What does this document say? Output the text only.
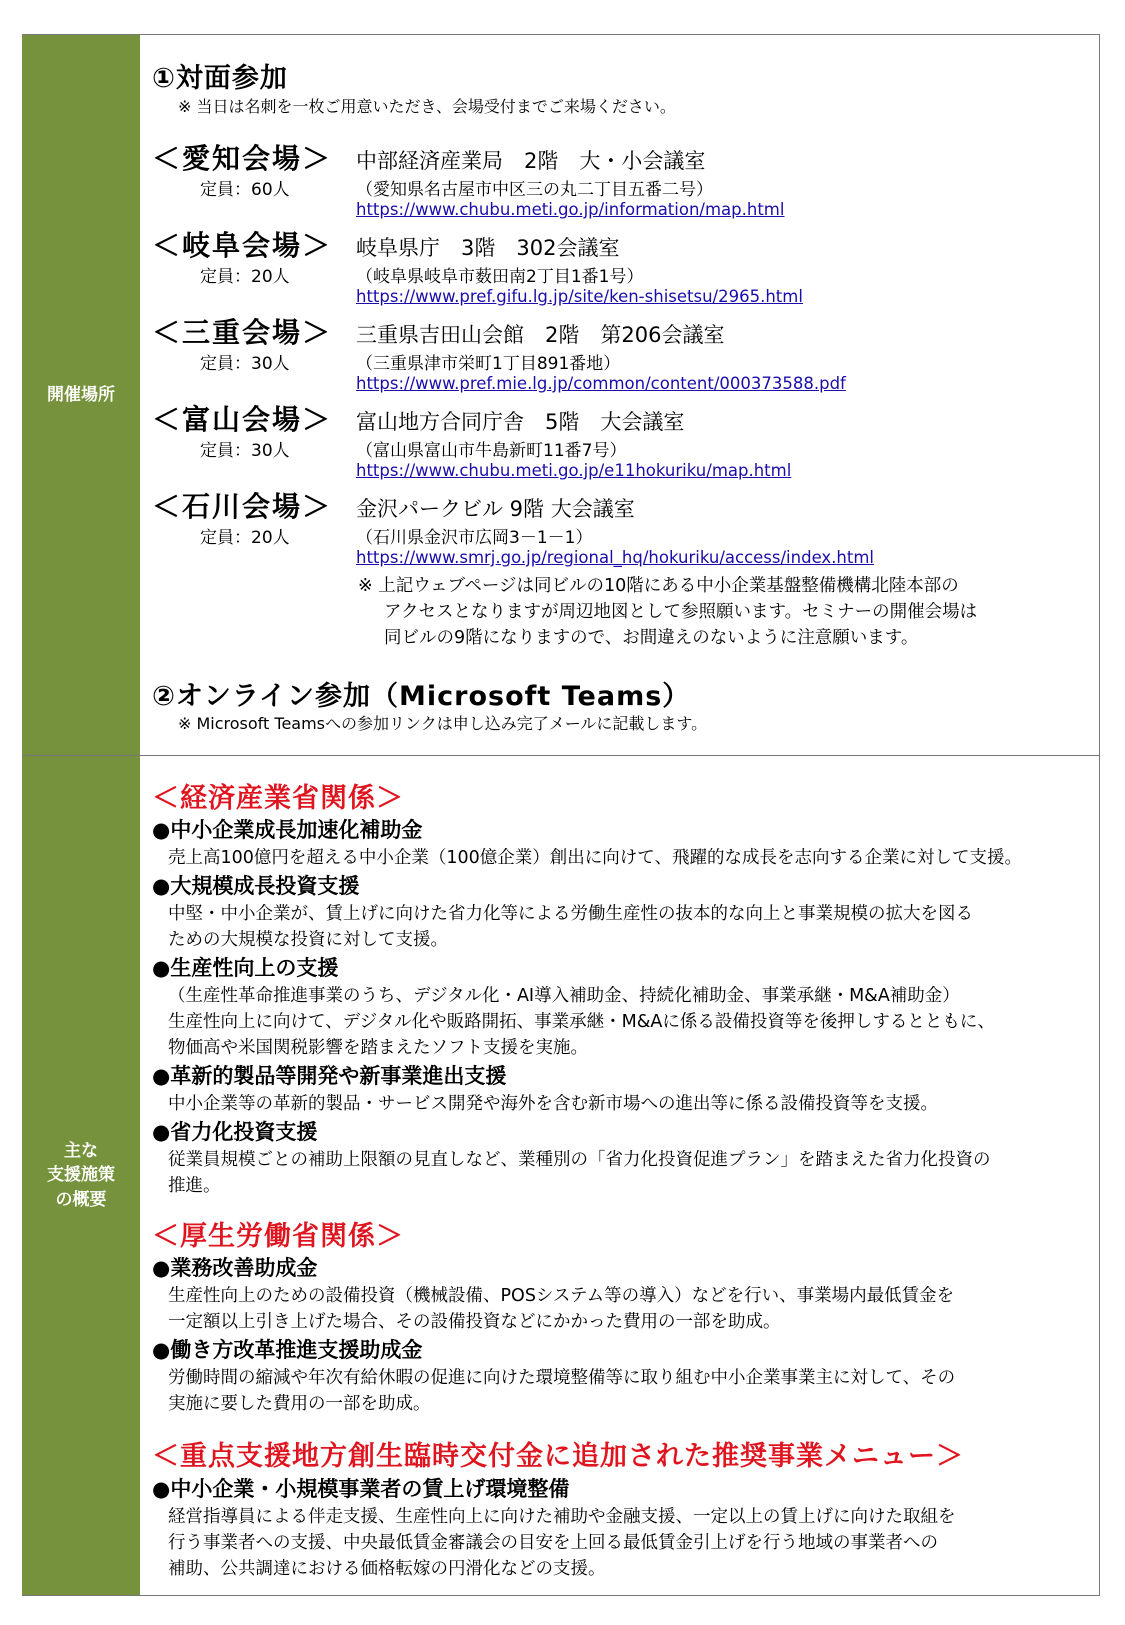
開催場所
主な
支援施策
の概要
①対面参加
※ 当日は名刺を一枚ご用意いただき、会場受付までご来場ください。
＜愛知会場＞
定員：60人
中部経済産業局　2階　大・小会議室
（愛知県名古屋市中区三の丸二丁目五番二号）
https://www.chubu.meti.go.jp/information/map.html
＜岐阜会場＞
定員：20人
岐阜県庁　3階　302会議室
（岐阜県岐阜市薮田南2丁目1番1号）
https://www.pref.gifu.lg.jp/site/ken-shisetsu/2965.html
＜三重会場＞
定員：30人
三重県吉田山会館　2階　第206会議室
（三重県津市栄町1丁目891番地）
https://www.pref.mie.lg.jp/common/content/000373588.pdf
＜富山会場＞
定員：30人
富山地方合同庁舎　5階　大会議室
（富山県富山市牛島新町11番7号）
https://www.chubu.meti.go.jp/e11hokuriku/map.html
＜石川会場＞
定員：20人
金沢パークビル 9階 大会議室
（石川県金沢市広岡3－1－1）
https://www.smrj.go.jp/regional_hq/hokuriku/access/index.html
※ 上記ウェブページは同ビルの10階にある中小企業基盤整備機構北陸本部の
アクセスとなりますが周辺地図として参照願います。セミナーの開催会場は
同ビルの9階になりますので、お間違えのないように注意願います。
②オンライン参加（Microsoft Teams）
※ Microsoft Teamsへの参加リンクは申し込み完了メールに記載します。
＜経済産業省関係＞
●中小企業成長加速化補助金
売上高100億円を超える中小企業（100億企業）創出に向けて、飛躍的な成長を志向する企業に対して支援。
●大規模成長投資支援
中堅・中小企業が、賃上げに向けた省力化等による労働生産性の抜本的な向上と事業規模の拡大を図る
ための大規模な投資に対して支援。
●生産性向上の支援
（生産性革命推進事業のうち、デジタル化・AI導入補助金、持続化補助金、事業承継・M&A補助金）
生産性向上に向けて、デジタル化や販路開拓、事業承継・M&Aに係る設備投資等を後押しするとともに、
物価高や米国関税影響を踏まえたソフト支援を実施。
●革新的製品等開発や新事業進出支援
中小企業等の革新的製品・サービス開発や海外を含む新市場への進出等に係る設備投資等を支援。
●省力化投資支援
従業員規模ごとの補助上限額の見直しなど、業種別の「省力化投資促進プラン」を踏まえた省力化投資の
推進。
＜厚生労働省関係＞
●業務改善助成金
生産性向上のための設備投資（機械設備、POSシステム等の導入）などを行い、事業場内最低賃金を
一定額以上引き上げた場合、その設備投資などにかかった費用の一部を助成。
●働き方改革推進支援助成金
労働時間の縮減や年次有給休暇の促進に向けた環境整備等に取り組む中小企業事業主に対して、その
実施に要した費用の一部を助成。
＜重点支援地方創生臨時交付金に追加された推奨事業メニュー＞
●中小企業・小規模事業者の賃上げ環境整備
経営指導員による伴走支援、生産性向上に向けた補助や金融支援、一定以上の賃上げに向けた取組を
行う事業者への支援、中央最低賃金審議会の目安を上回る最低賃金引上げを行う地域の事業者への
補助、公共調達における価格転嫁の円滑化などの支援。
